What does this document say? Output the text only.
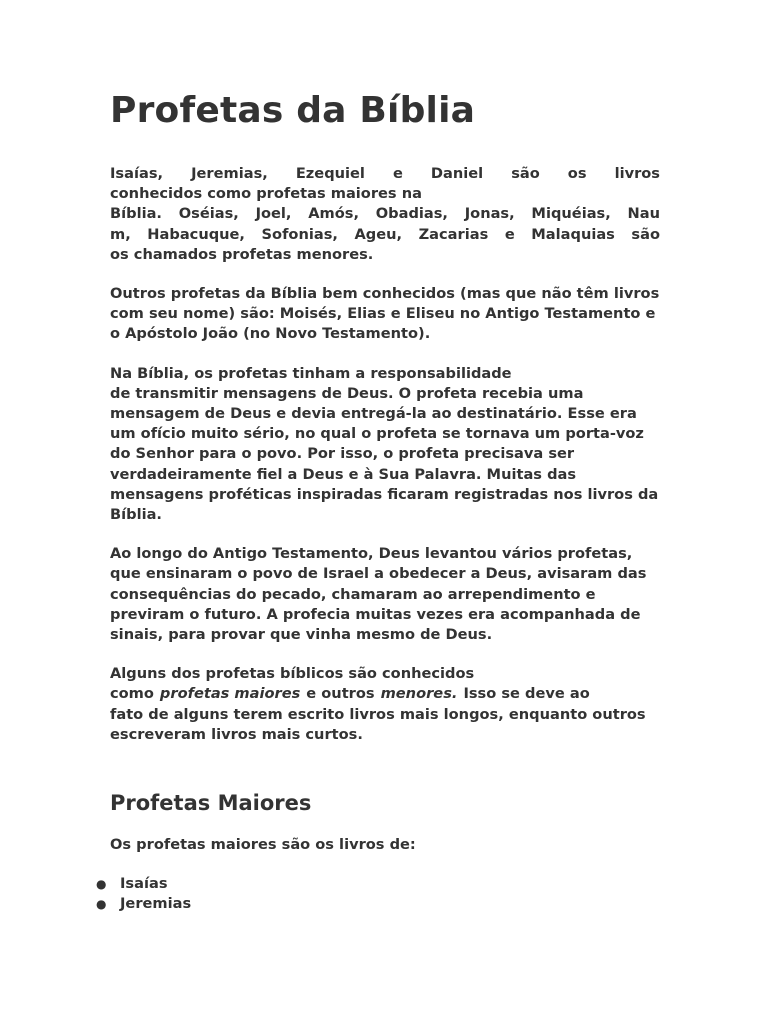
Profetas da Bíblia

Isaías, Jeremias, Ezequiel e Daniel são os livros
conhecidos como profetas maiores na
Bíblia. Oséias, Joel, Amós, Obadias, Jonas, Miquéias, Nau
m, Habacuque, Sofonias, Ageu, Zacarias e Malaquias são
os chamados profetas menores.

Outros profetas da Bíblia bem conhecidos (mas que não têm livros com seu nome) são: Moisés, Elias e Eliseu no Antigo Testamento e o Apóstolo João (no Novo Testamento).

Na Bíblia, os profetas tinham a responsabilidade
de transmitir mensagens de Deus. O profeta recebia uma mensagem de Deus e devia entregá-la ao destinatário. Esse era um ofício muito sério, no qual o profeta se tornava um porta-voz do Senhor para o povo. Por isso, o profeta precisava ser verdadeiramente fiel a Deus e à Sua Palavra. Muitas das mensagens proféticas inspiradas ficaram registradas nos livros da Bíblia.

Ao longo do Antigo Testamento, Deus levantou vários profetas, que ensinaram o povo de Israel a obedecer a Deus, avisaram das consequências do pecado, chamaram ao arrependimento e previram o futuro. A profecia muitas vezes era acompanhada de sinais, para provar que vinha mesmo de Deus.

Alguns dos profetas bíblicos são conhecidos
como profetas maiores e outros menores. Isso se deve ao
fato de alguns terem escrito livros mais longos, enquanto outros escreveram livros mais curtos.

Profetas Maiores

Os profetas maiores são os livros de:

● Isaías
● Jeremias
